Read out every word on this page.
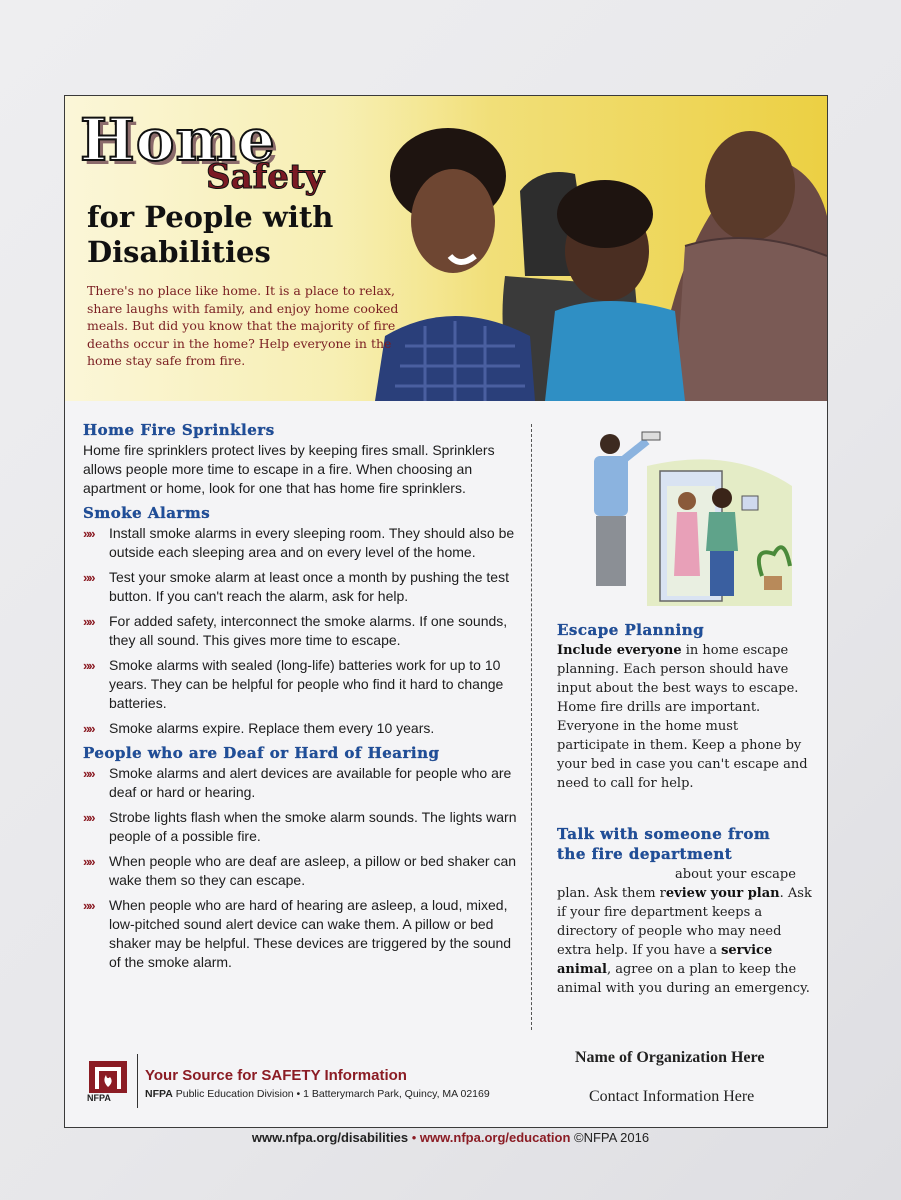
Home
Safety
for People with Disabilities
There's no place like home. It is a place to relax, share laughs with family, and enjoy home cooked meals. But did you know that the majority of fire deaths occur in the home? Help everyone in the home stay safe from fire.
Home Fire Sprinklers

Home fire sprinklers protect lives by keeping fires small. Sprinklers allows people more time to escape in a fire. When choosing an apartment or home, look for one that has home fire sprinklers.

Smoke Alarms
»» Install smoke alarms in every sleeping room. They should also be outside each sleeping area and on every level of the home.
»» Test your smoke alarm at least once a month by pushing the test button. If you can't reach the alarm, ask for help.
»» For added safety, interconnect the smoke alarms. If one sounds, they all sound. This gives more time to escape.
»» Smoke alarms with sealed (long-life) batteries work for up to 10 years. They can be helpful for people who find it hard to change batteries.
»» Smoke alarms expire. Replace them every 10 years.
People who are Deaf or Hard of Hearing
»» Smoke alarms and alert devices are available for people who are deaf or hard or hearing.
»» Strobe lights flash when the smoke alarm sounds. The lights warn people of a possible fire.
»» When people who are deaf are asleep, a pillow or bed shaker can wake them so they can escape.
»» When people who are hard of hearing are asleep, a loud, mixed, low-pitched sound alert device can wake them. A pillow or bed shaker may be helpful. These devices are triggered by the sound of the smoke alarm.
Escape Planning
Include everyone in home escape planning. Each person should have input about the best ways to escape. Home fire drills are important. Everyone in the home must participate in them. Keep a phone by your bed in case you can't escape and need to call for help.
Talk with someone from the fire department
about your escape plan. Ask them review your plan. Ask if your fire department keeps a directory of people who may need extra help. If you have a service animal, agree on a plan to keep the animal with you during an emergency.
Name of Organization Here
Contact Information Here
NFPA
Your Source for SAFETY Information
NFPA Public Education Division • 1 Batterymarch Park, Quincy, MA 02169
www.nfpa.org/disabilities • www.nfpa.org/education ©NFPA 2016
